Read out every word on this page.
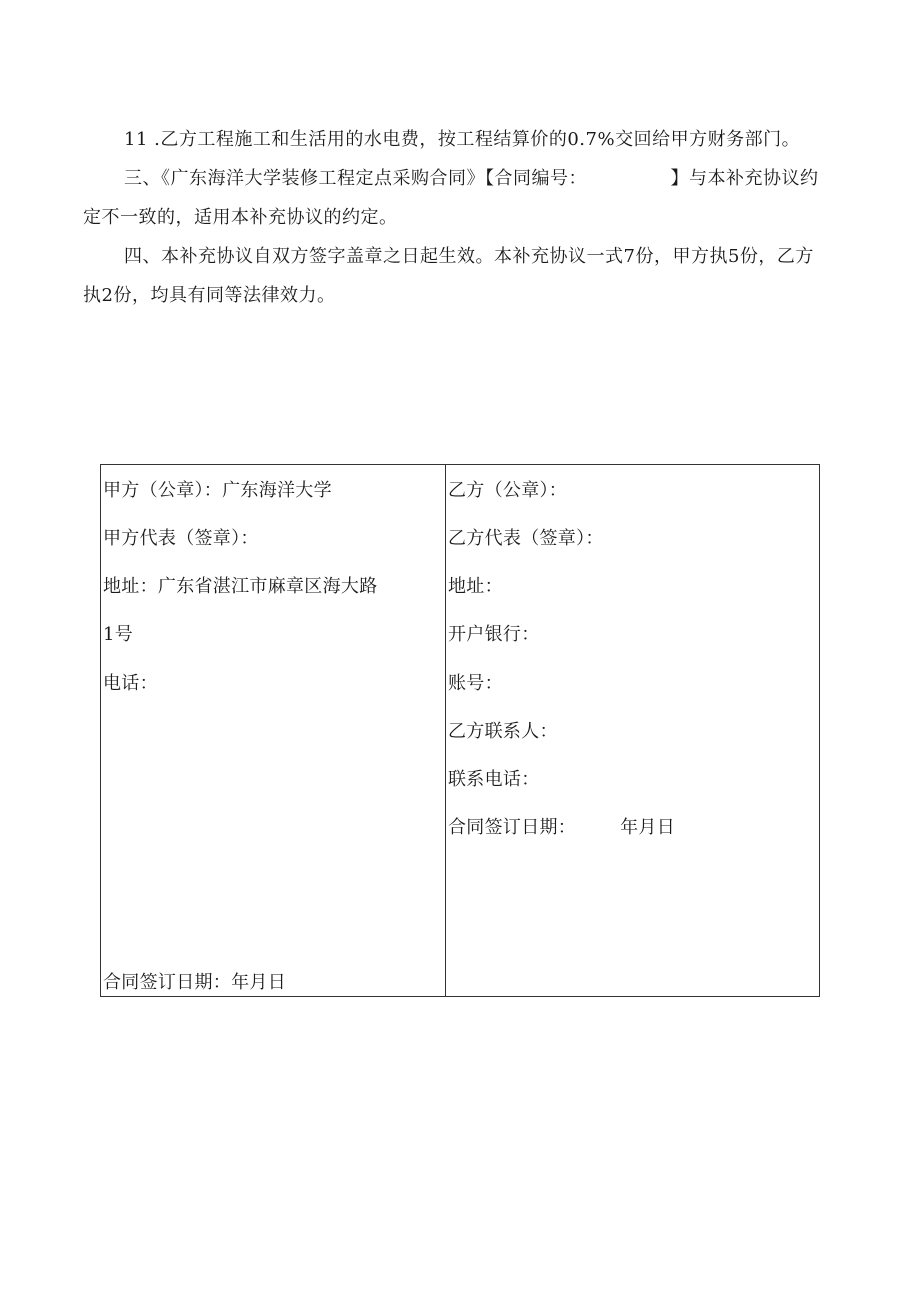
11 .乙方工程施工和生活用的水电费，按工程结算价的0.7%交回给甲方财务部门。

三、《广东海洋大学装修工程定点采购合同》【合同编号：　　　　　】与本补充协议约定不一致的，适用本补充协议的约定。

四、本补充协议自双方签字盖章之日起生效。本补充协议一式7份，甲方执5份，乙方执2份，均具有同等法律效力。

甲方（公章）：广东海洋大学
甲方代表（签章）：
地址：广东省湛江市麻章区海大路
1号
电话：
合同签订日期：年月日
乙方（公章）：
乙方代表（签章）：
地址：
开户银行：
账号：
乙方联系人：
联系电话：
合同签订日期： 年月日
